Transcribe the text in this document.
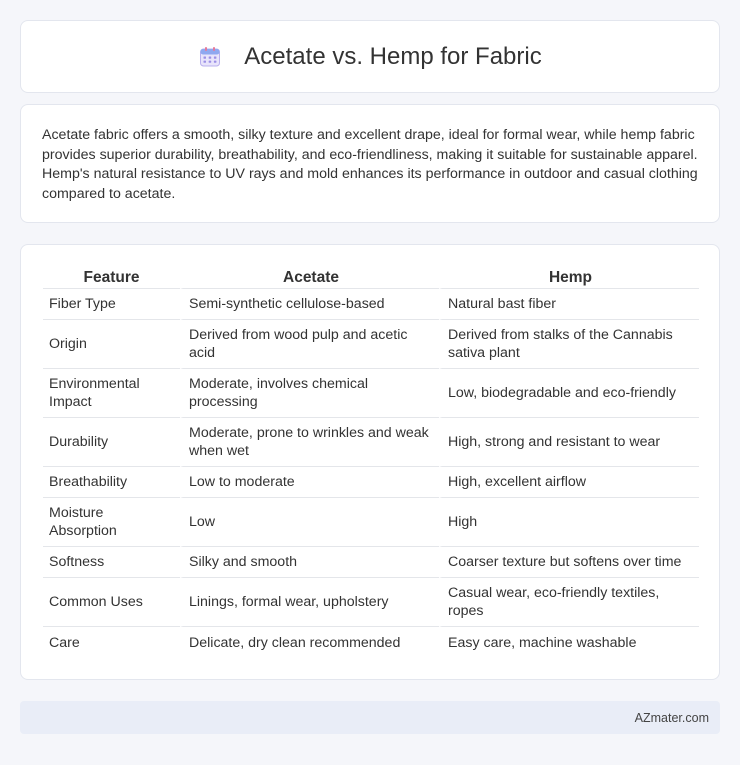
Acetate vs. Hemp for Fabric

Acetate fabric offers a smooth, silky texture and excellent drape, ideal for formal wear, while hemp fabric provides superior durability, breathability, and eco-friendliness, making it suitable for sustainable apparel. Hemp's natural resistance to UV rays and mold enhances its performance in outdoor and casual clothing compared to acetate.

Feature	Acetate	Hemp
Fiber Type	Semi-synthetic cellulose-based	Natural bast fiber
Origin	Derived from wood pulp and acetic acid	Derived from stalks of the Cannabis sativa plant
Environmental Impact	Moderate, involves chemical processing	Low, biodegradable and eco-friendly
Durability	Moderate, prone to wrinkles and weak when wet	High, strong and resistant to wear
Breathability	Low to moderate	High, excellent airflow
Moisture Absorption	Low	High
Softness	Silky and smooth	Coarser texture but softens over time
Common Uses	Linings, formal wear, upholstery	Casual wear, eco-friendly textiles, ropes
Care	Delicate, dry clean recommended	Easy care, machine washable
AZmater.com
